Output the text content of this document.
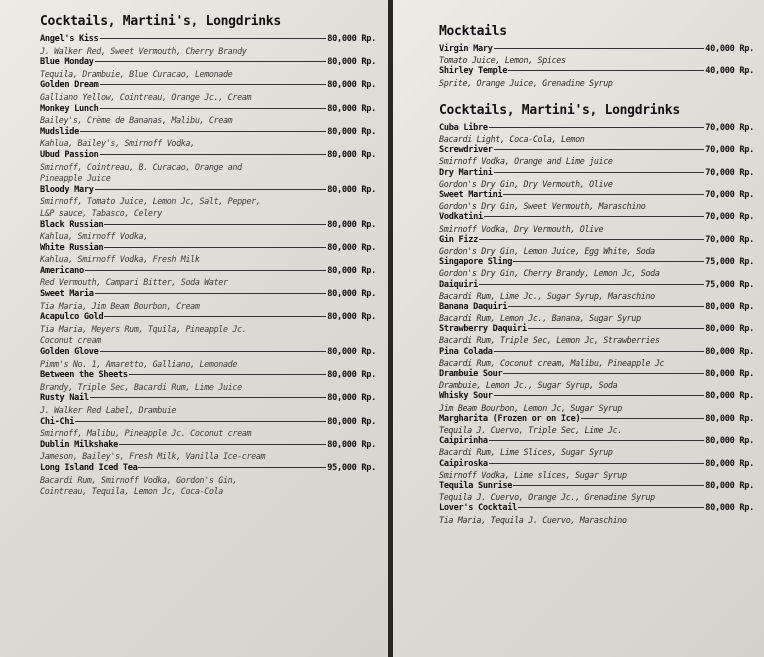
Cocktails, Martini's, Longdrinks
Angel's Kiss	80,000 Rp.
J. Walker Red, Sweet Vermouth, Cherry Brandy
Blue Monday	80,000 Rp.
Tequila, Drambuie, Blue Curacao, Lemonade
Golden Dream	80,000 Rp.
Galliano Yellow, Cointreau, Orange Jc., Cream
Monkey Lunch	80,000 Rp.
Bailey's, Crème de Bananas, Malibu, Cream
Mudslide	80,000 Rp.
Kahlua, Bailey's, Smirnoff Vodka,
Ubud Passion	80,000 Rp.
Smirnoff, Cointreau, B. Curacao, Orange and
Pineapple Juice
Bloody Mary	80,000 Rp.
Smirnoff, Tomato Juice, Lemon Jc, Salt, Pepper,
L&P sauce, Tabasco, Celery
Black Russian	80,000 Rp.
Kahlua, Smirnoff Vodka,
White Russian	80,000 Rp.
Kahlua, Smirnoff Vodka, Fresh Milk
Americano	80,000 Rp.
Red Vermouth, Campari Bitter, Soda Water
Sweet Maria	80,000 Rp.
Tia Maria, Jim Beam Bourbon, Cream
Acapulco Gold	80,000 Rp.
Tia Maria, Meyers Rum, Tquila, Pineapple Jc.
Coconut cream
Golden Glove	80,000 Rp.
Pimm's No. 1, Amaretto, Galliano, Lemonade
Between the Sheets	80,000 Rp.
Brandy, Triple Sec, Bacardi Rum, Lime Juice
Rusty Nail	80,000 Rp.
J. Walker Red Label, Drambuie
Chi-Chi	80,000 Rp.
Smirnoff, Malibu, Pineapple Jc. Coconut cream
Dublin Milkshake	80,000 Rp.
Jameson, Bailey's, Fresh Milk, Vanilla Ice-cream
Long Island Iced Tea	95,000 Rp.
Bacardi Rum, Smirnoff Vodka, Gordon's Gin,
Cointreau, Tequila, Lemon Jc, Coca-Cola
Mocktails
Virgin Mary	40,000 Rp.
Tomato Juice, Lemon, Spices
Shirley Temple	40,000 Rp.
Sprite, Orange Juice, Grenadine Syrup
Cocktails, Martini's, Longdrinks
Cuba Libre	70,000 Rp.
Bacardi Light, Coca-Cola, Lemon
Screwdriver	70,000 Rp.
Smirnoff Vodka, Orange and Lime juice
Dry Martini	70,000 Rp.
Gordon's Dry Gin, Dry Vermouth, Olive
Sweet Martini	70,000 Rp.
Gordon's Dry Gin, Sweet Vermouth, Maraschino
Vodkatini	70,000 Rp.
Smirnoff Vodka, Dry Vermouth, Olive
Gin Fizz	70,000 Rp.
Gordon's Dry Gin, Lemon Juice, Egg White, Soda
Singapore Sling	75,000 Rp.
Gordon's Dry Gin, Cherry Brandy, Lemon Jc, Soda
Daiquiri	75,000 Rp.
Bacardi Rum, Lime Jc., Sugar Syrup, Maraschino
Banana Daquiri	80,000 Rp.
Bacardi Rum, Lemon Jc., Banana, Sugar Syrup
Strawberry Daquiri	80,000 Rp.
Bacardi Rum, Triple Sec, Lemon Jc, Strawberries
Pina Colada	80,000 Rp.
Bacardi Rum, Coconut cream, Malibu, Pineapple Jc
Drambuie Sour	80,000 Rp.
Drambuie, Lemon Jc., Sugar Syrup, Soda
Whisky Sour	80,000 Rp.
Jim Beam Bourbon, Lemon Jc, Sugar Syrup
Margharita (Frozen or on Ice)	80,000 Rp.
Tequila J. Cuervo, Triple Sec, Lime Jc.
Caipirinha	80,000 Rp.
Bacardi Rum, Lime Slices, Sugar Syrup
Caipiroska	80,000 Rp.
Smirnoff Vodka, Lime slices, Sugar Syrup
Tequila Sunrise	80,000 Rp.
Tequila J. Cuervo, Orange Jc., Grenadine Syrup
Lover's Cocktail	80,000 Rp.
Tia Maria, Tequila J. Cuervo, Maraschino
